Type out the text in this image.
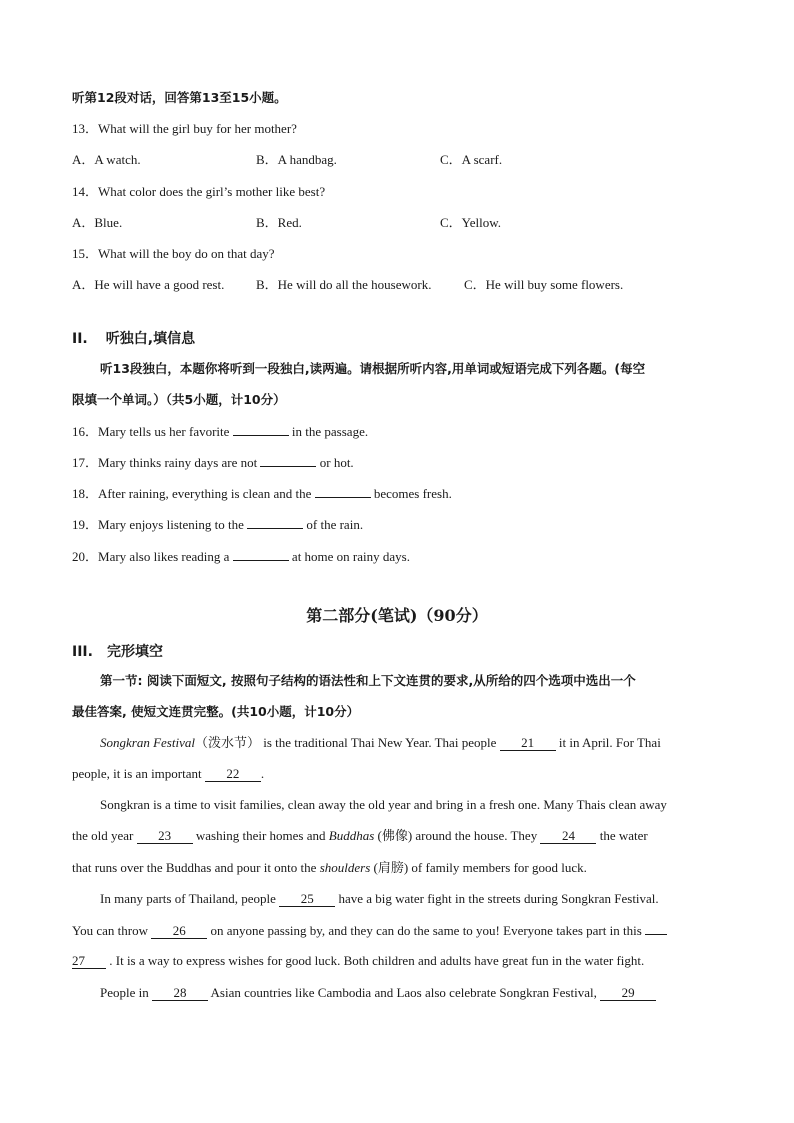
听第12段对话，回答第13至15小题。
13．What will the girl buy for her mother?
A．A watch.	B．A handbag.	C．A scarf.
14．What color does the girl’s mother like best?
A．Blue.	B．Red.	C．Yellow.
15．What will the boy do on that day?
A．He will have a good rest. B．He will do all the housework.	C．He will buy some flowers.
II. 听独白,填信息
听13段独白，本题你将听到一段独白,读两遍。请根据所听内容,用单词或短语完成下列各题。(每空
限填一个单词。）（共5小题，计10分）
16．Mary tells us her favorite	in the passage.
17．Mary thinks rainy days are not	or hot.
18．After raining, everything is clean and the	becomes fresh.
19．Mary enjoys listening to the	of the rain.
20．Mary also likes reading a	at home on rainy days.
第二部分(笔试)（90分）
III. 完形填空
第一节: 阅读下面短文, 按照句子结构的语法性和上下文连贯的要求,从所给的四个选项中选出一个
最佳答案, 使短文连贯完整。(共10小题，计10分）
Songkran Festival（泼水节） is the traditional Thai New Year. Thai people 21 it in April. For Thai
people, it is an important 22 .
Songkran is a time to visit families, clean away the old year and bring in a fresh one. Many Thais clean away
the old year 23 washing their homes and Buddhas (佛像) around the house. They 24 the water
that runs over the Buddhas and pour it onto the shoulders (肩膀) of family members for good luck.
In many parts of Thailand, people 25 have a big water fight in the streets during Songkran Festival.
You can throw 26 on anyone passing by, and they can do the same to you! Everyone takes part in this
27 . It is a way to express wishes for good luck. Both children and adults have great fun in the water fight.
People in 28 Asian countries like Cambodia and Laos also celebrate Songkran Festival, 29
